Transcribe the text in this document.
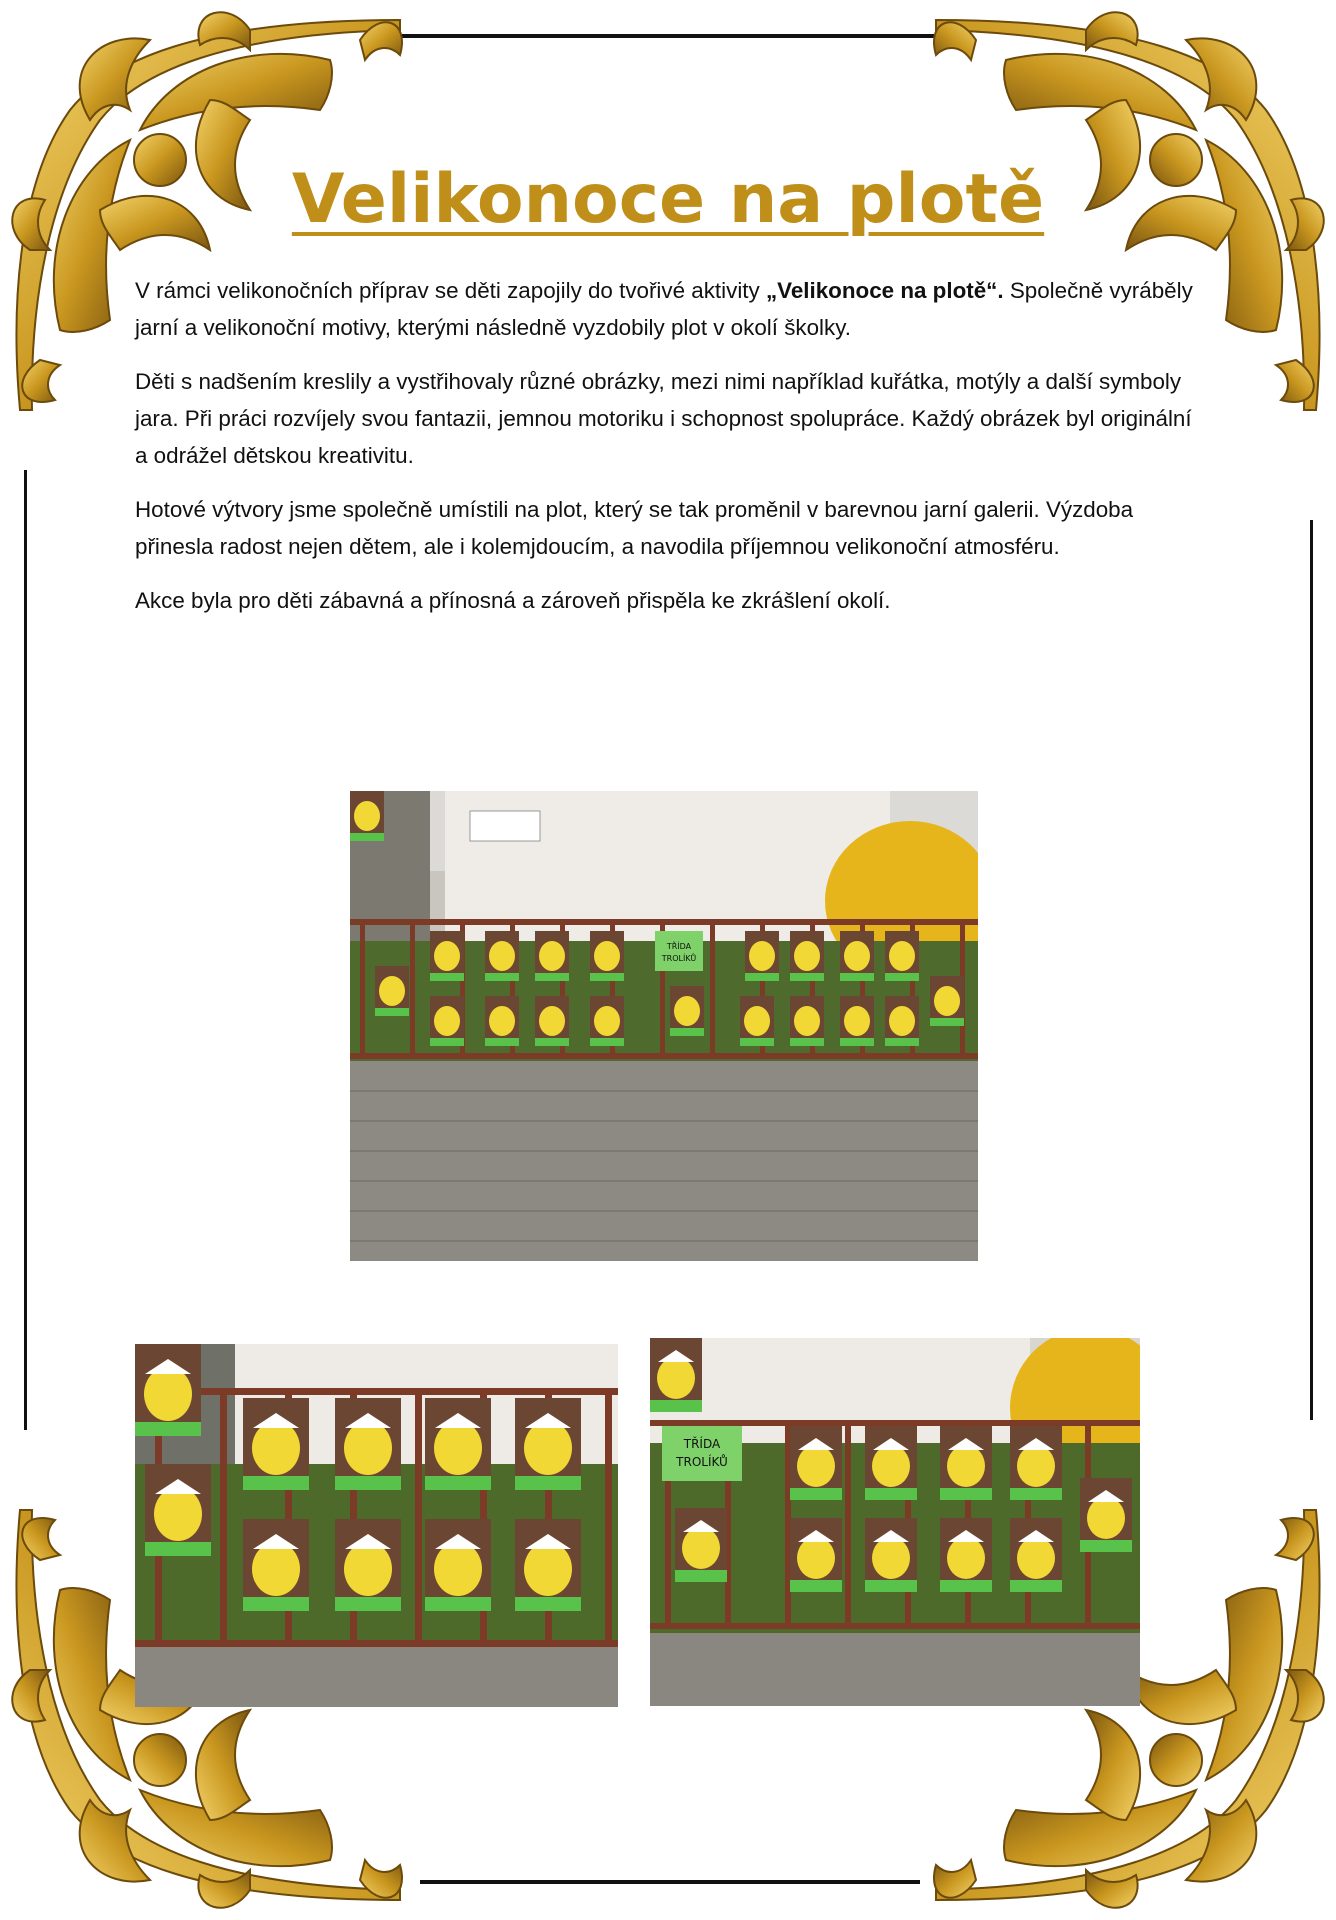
Velikonoce na plotě

V rámci velikonočních příprav se děti zapojily do tvořivé aktivity „Velikonoce na plotě“. Společně vyráběly jarní a velikonoční motivy, kterými následně vyzdobily plot v okolí školky.

Děti s nadšením kreslily a vystřihovaly různé obrázky, mezi nimi například kuřátka, motýly a další symboly jara. Při práci rozvíjely svou fantazii, jemnou motoriku i schopnost spolupráce. Každý obrázek byl originální a odrážel dětskou kreativitu.

Hotové výtvory jsme společně umístili na plot, který se tak proměnil v barevnou jarní galerii. Výzdoba přinesla radost nejen dětem, ale i kolemjdoucím, a navodila příjemnou velikonoční atmosféru.

Akce byla pro děti zábavná a přínosná a zároveň přispěla ke zkrášlení okolí.

TŘÍDA
TROLÍKŮ
TŘÍDA
TROLÍKŮ
